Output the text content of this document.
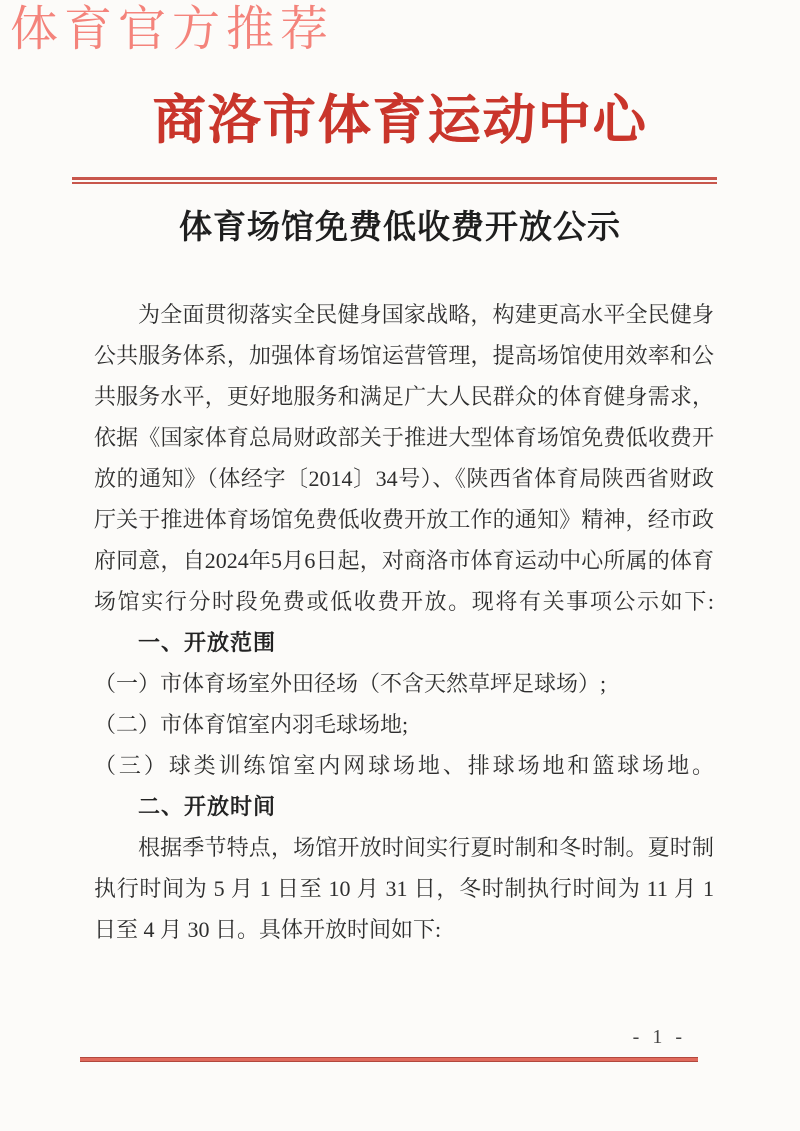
体育官方推荐
商洛市体育运动中心
体育场馆免费低收费开放公示
为全面贯彻落实全民健身国家战略，构建更高水平全民健身
公共服务体系，加强体育场馆运营管理，提高场馆使用效率和公
共服务水平，更好地服务和满足广大人民群众的体育健身需求，
依据《国家体育总局财政部关于推进大型体育场馆免费低收费开
放的通知》（体经字〔2014〕34号）、《陕西省体育局陕西省财政
厅关于推进体育场馆免费低收费开放工作的通知》精神，经市政
府同意，自2024年5月6日起，对商洛市体育运动中心所属的体育
场馆实行分时段免费或低收费开放。现将有关事项公示如下:
一、开放范围
（一）市体育场室外田径场（不含天然草坪足球场）;
（二）市体育馆室内羽毛球场地;
（三）球类训练馆室内网球场地、排球场地和篮球场地。
二、开放时间
根据季节特点，场馆开放时间实行夏时制和冬时制。夏时制
执行时间为 5 月 1 日至 10 月 31 日，冬时制执行时间为 11 月 1
日至 4 月 30 日。具体开放时间如下:
- 1 -
